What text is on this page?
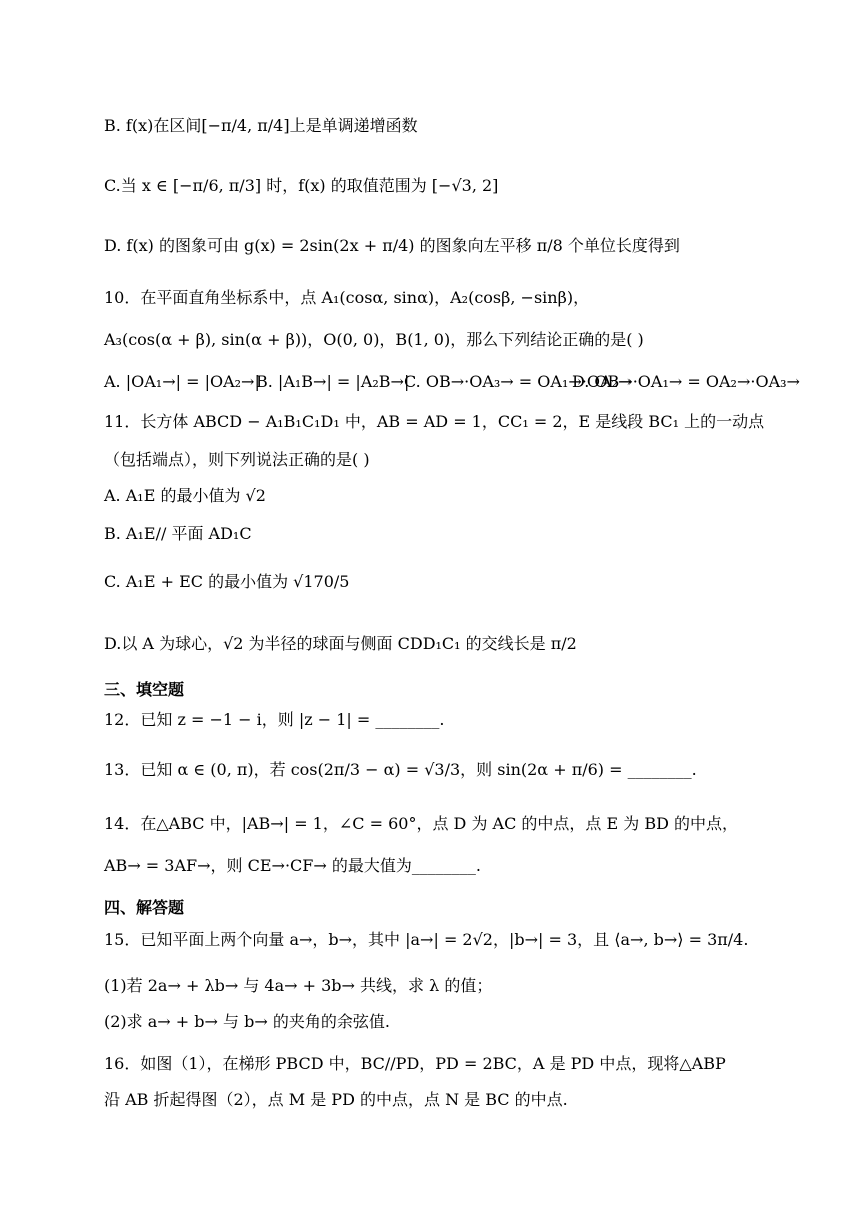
B. f(x)在区间[−π/4, π/4]上是单调递增函数
C.当 x ∈ [−π/6, π/3] 时，f(x) 的取值范围为 [−√3, 2]
D. f(x) 的图象可由 g(x) = 2sin(2x + π/4) 的图象向左平移 π/8 个单位长度得到
10．在平面直角坐标系中，点 A₁(cosα, sinα)，A₂(cosβ, −sinβ)，
A₃(cos(α + β), sin(α + β))，O(0, 0)，B(1, 0)，那么下列结论正确的是( )
A. |OA₁→| = |OA₂→|
B. |A₁B→| = |A₂B→|
C. OB→·OA₃→ = OA₁→·OA₂→
D. OB→·OA₁→ = OA₂→·OA₃→
11．长方体 ABCD − A₁B₁C₁D₁ 中，AB = AD = 1，CC₁ = 2，E 是线段 BC₁ 上的一动点
（包括端点），则下列说法正确的是( )
A. A₁E 的最小值为 √2
B. A₁E// 平面 AD₁C
C. A₁E + EC 的最小值为 √170/5
D.以 A 为球心，√2 为半径的球面与侧面 CDD₁C₁ 的交线长是 π/2
三、填空题
12．已知 z = −1 − i，则 |z − 1| = ________.
13．已知 α ∈ (0, π)，若 cos(2π/3 − α) = √3/3，则 sin(2α + π/6) = ________.
14．在△ABC 中，|AB→| = 1，∠C = 60°，点 D 为 AC 的中点，点 E 为 BD 的中点，
AB→ = 3AF→，则 CE→·CF→ 的最大值为________.
四、解答题
15．已知平面上两个向量 a→，b→，其中 |a→| = 2√2，|b→| = 3，且 ⟨a→, b→⟩ = 3π/4.
(1)若 2a→ + λb→ 与 4a→ + 3b→ 共线，求 λ 的值；
(2)求 a→ + b→ 与 b→ 的夹角的余弦值.
16．如图（1），在梯形 PBCD 中，BC//PD，PD = 2BC，A 是 PD 中点，现将△ABP
沿 AB 折起得图（2），点 M 是 PD 的中点，点 N 是 BC 的中点.
